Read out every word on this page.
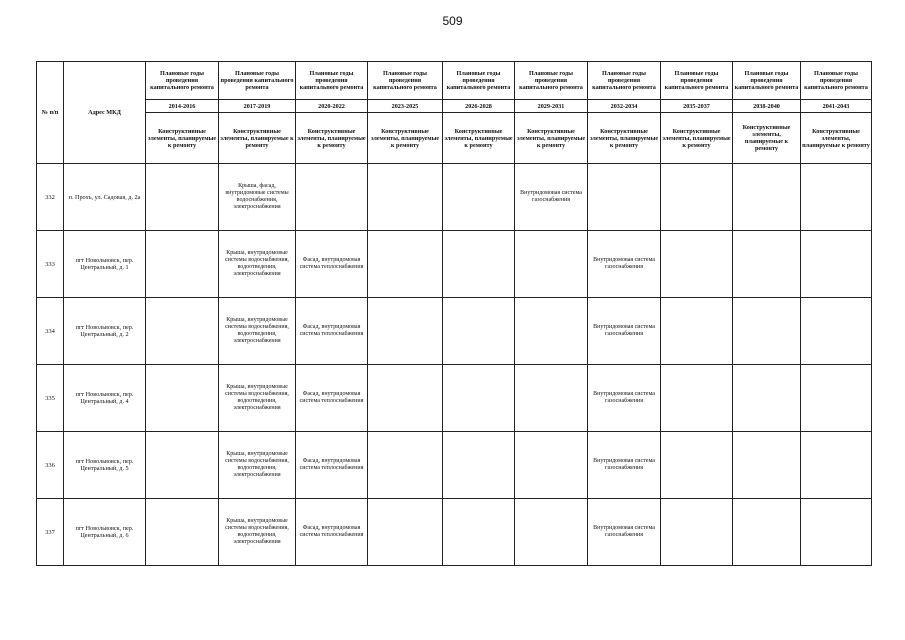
509
№ п/п	Адрес МКД	Плановые годы проведения капитального ремонта	Плановые годы проведения капитального ремонта	Плановые годы проведения капитального ремонта	Плановые годы проведения капитального ремонта	Плановые годы проведения капитального ремонта	Плановые годы проведения капитального ремонта	Плановые годы проведения капитального ремонта	Плановые годы проведения капитального ремонта	Плановые годы проведения капитального ремонта	Плановые годы проведения капитального ремонта
		2014-2016	2017-2019	2020-2022	2023-2025	2026-2028	2029-2031	2032-2034	2035-2037	2038-2040	2041-2043
		Конструктивные элементы, планируемые к ремонту	Конструктивные элементы, планируемые к ремонту	Конструктивные элементы, планируемые к ремонту	Конструктивные элементы, планируемые к ремонту	Конструктивные элементы, планируемые к ремонту	Конструктивные элементы, планируемые к ремонту	Конструктивные элементы, планируемые к ремонту	Конструктивные элементы, планируемые к ремонту	Конструктивные элементы, планируемые к ремонту	Конструктивные элементы, планируемые к ремонту
332	п. Прохъ, ул. Садовая, д. 2а		Крыша, фасад, внутридомовые системы водоснабжения, электроснабжения				Внутридомовая система газоснабжения				
333	пгт Новольвовск, пер. Центральный, д. 1		Крыша, внутридомовые системы водоснабжения, водоотведения, электроснабжения	Фасад, внутридомовая система теплоснабжения				Внутридомовая система газоснабжения			
334	пгт Новольвовск, пер. Центральный, д. 2		Крыша, внутридомовые системы водоснабжения, водоотведения, электроснабжения	Фасад, внутридомовая система теплоснабжения				Внутридомовая система газоснабжения			
335	пгт Новольвовск, пер. Центральный, д. 4		Крыша, внутридомовые системы водоснабжения, водоотведения, электроснабжения	Фасад, внутридомовая система теплоснабжения				Внутридомовая система газоснабжения			
336	пгт Новольвовск, пер. Центральный, д. 5		Крыша, внутридомовые системы водоснабжения, водоотведения, электроснабжения	Фасад, внутридомовая система теплоснабжения				Внутридомовая система газоснабжения			
337	пгт Новольвовск, пер. Центральный, д. 6		Крыша, внутридомовые системы водоснабжения, водоотведения, электроснабжения	Фасад, внутридомовая система теплоснабжения				Внутридомовая система газоснабжения			
